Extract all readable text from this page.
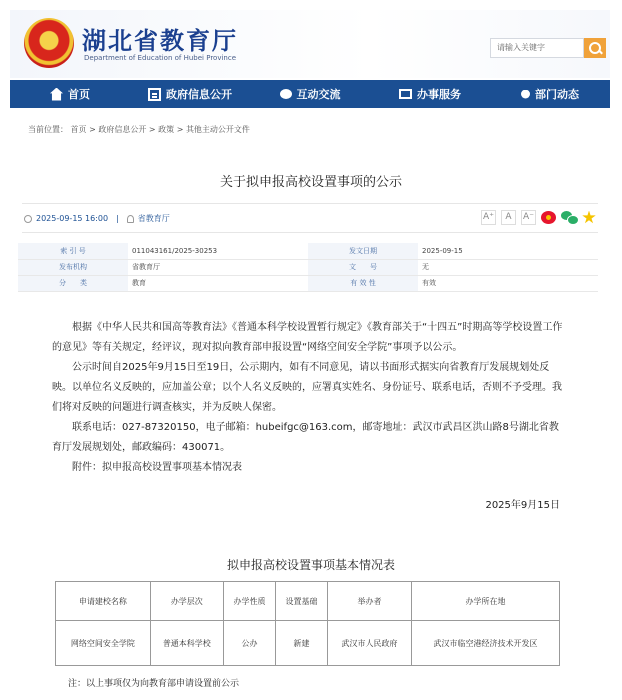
湖北省教育厅
Department of Education of Hubei Province
请输入关键字
首页	政府信息公开	互动交流	办事服务	部门动态
当前位置： 首页 > 政府信息公开 > 政策 > 其他主动公开文件
关于拟申报高校设置事项的公示
2025-09-15 16:00 | 省教育厅	A⁺	A	A⁻
索 引 号	011043161/2025-30253	发文日期	2025-09-15
发布机构	省教育厅	文　　号	无
分　　类	教育	有 效 性	有效

根据《中华人民共和国高等教育法》《普通本科学校设置暂行规定》《教育部关于“十四五”时期高等学校设置工作的意见》等有关规定，经评议，现对拟向教育部申报设置“网络空间安全学院”事项予以公示。

公示时间自2025年9月15日至19日，公示期内，如有不同意见，请以书面形式据实向省教育厅发展规划处反映。以单位名义反映的，应加盖公章；以个人名义反映的，应署真实姓名、身份证号、联系电话，否则不予受理。我们将对反映的问题进行调查核实，并为反映人保密。

联系电话：027-87320150，电子邮箱：hubeifgc@163.com，邮寄地址：武汉市武昌区洪山路8号湖北省教育厅发展规划处，邮政编码：430071。

附件：拟申报高校设置事项基本情况表

2025年9月15日
拟申报高校设置事项基本情况表
申请建校名称	办学层次	办学性质	设置基础	举办者	办学所在地
网络空间安全学院	普通本科学校	公办	新建	武汉市人民政府	武汉市临空港经济技术开发区
注：以上事项仅为向教育部申请设置前公示
